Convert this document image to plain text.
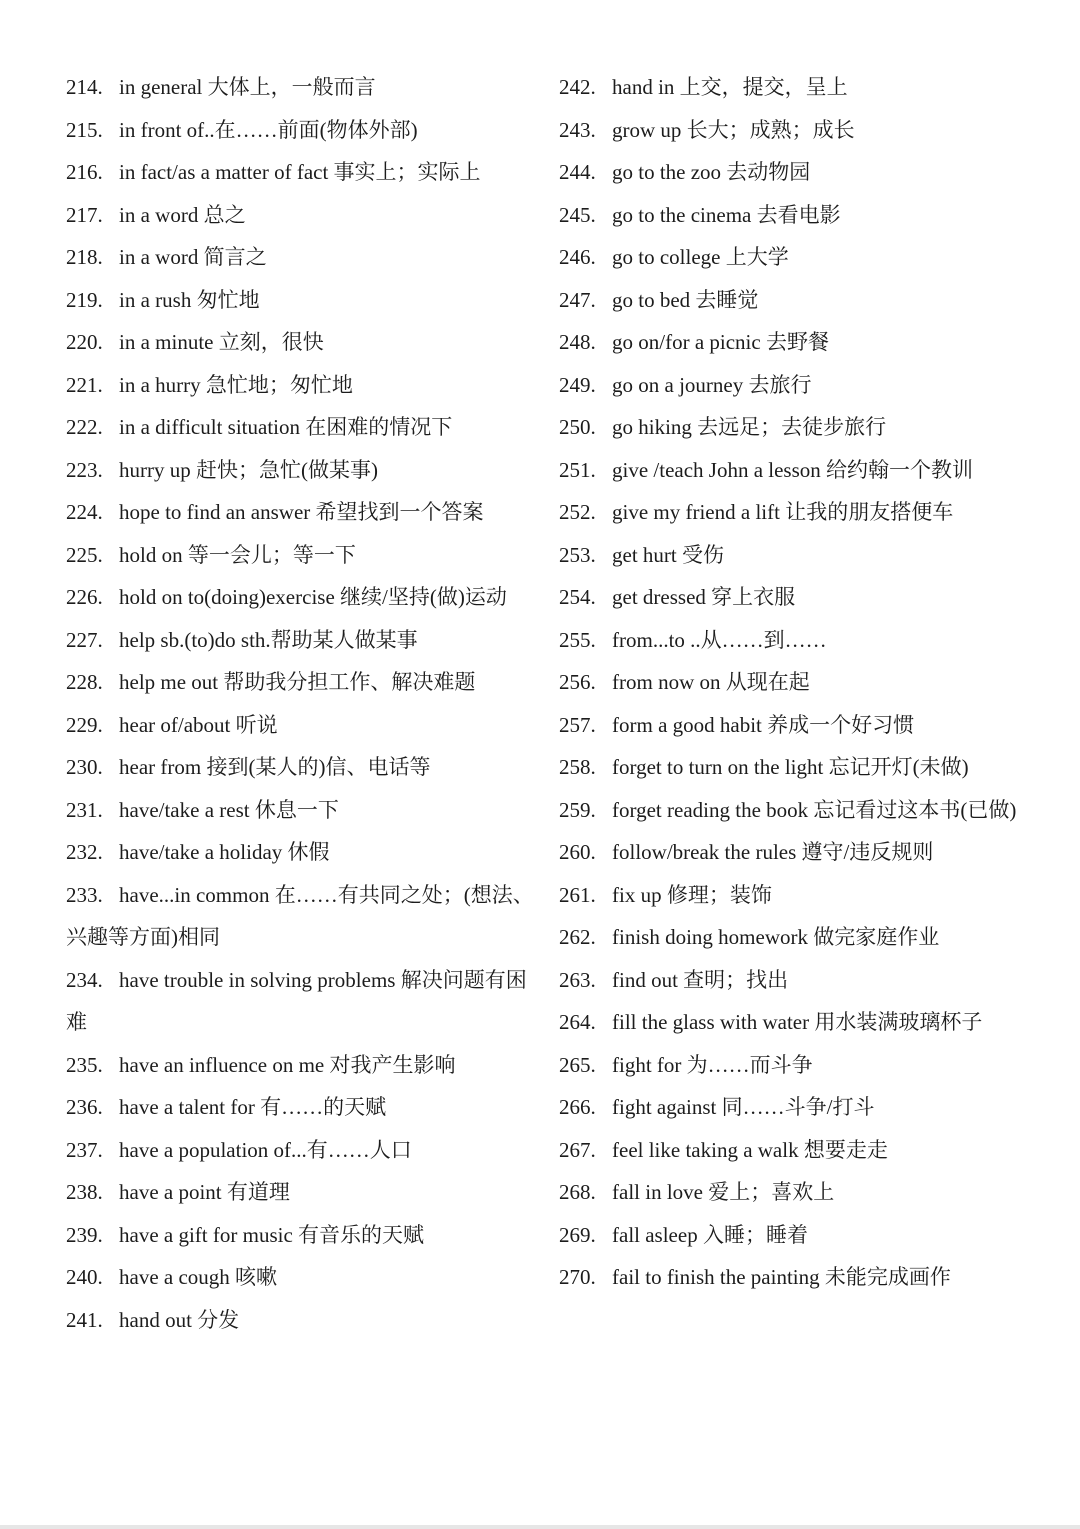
214. in general 大体上，一般而言
215. in front of..在……前面(物体外部)
216. in fact/as a matter of fact 事实上；实际上
217. in a word 总之
218. in a word 简言之
219. in a rush 匆忙地
220. in a minute 立刻，很快
221. in a hurry 急忙地；匆忙地
222. in a difficult situation 在困难的情况下
223. hurry up 赶快；急忙(做某事)
224. hope to find an answer 希望找到一个答案
225. hold on 等一会儿；等一下
226. hold on to(doing)exercise 继续/坚持(做)运动
227. help sb.(to)do sth.帮助某人做某事
228. help me out 帮助我分担工作、解决难题
229. hear of/about 听说
230. hear from 接到(某人的)信、电话等
231. have/take a rest 休息一下
232. have/take a holiday 休假
233. have...in common 在……有共同之处；(想法、兴趣等方面)相同
234. have trouble in solving problems 解决问题有困难
235. have an influence on me 对我产生影响
236. have a talent for 有……的天赋
237. have a population of...有……人口
238. have a point 有道理
239. have a gift for music 有音乐的天赋
240. have a cough 咳嗽
241. hand out 分发
242. hand in 上交，提交，呈上
243. grow up 长大；成熟；成长
244. go to the zoo 去动物园
245. go to the cinema 去看电影
246. go to college 上大学
247. go to bed 去睡觉
248. go on/for a picnic 去野餐
249. go on a journey 去旅行
250. go hiking 去远足；去徒步旅行
251. give /teach John a lesson 给约翰一个教训
252. give my friend a lift 让我的朋友搭便车
253. get hurt 受伤
254. get dressed 穿上衣服
255. from...to ..从……到……
256. from now on 从现在起
257. form a good habit 养成一个好习惯
258. forget to turn on the light 忘记开灯(未做)
259. forget reading the book 忘记看过这本书(已做)
260. follow/break the rules 遵守/违反规则
261. fix up 修理；装饰
262. finish doing homework 做完家庭作业
263. find out 查明；找出
264. fill the glass with water 用水装满玻璃杯子
265. fight for 为……而斗争
266. fight against 同……斗争/打斗
267. feel like taking a walk 想要走走
268. fall in love 爱上；喜欢上
269. fall asleep 入睡；睡着
270. fail to finish the painting 未能完成画作
